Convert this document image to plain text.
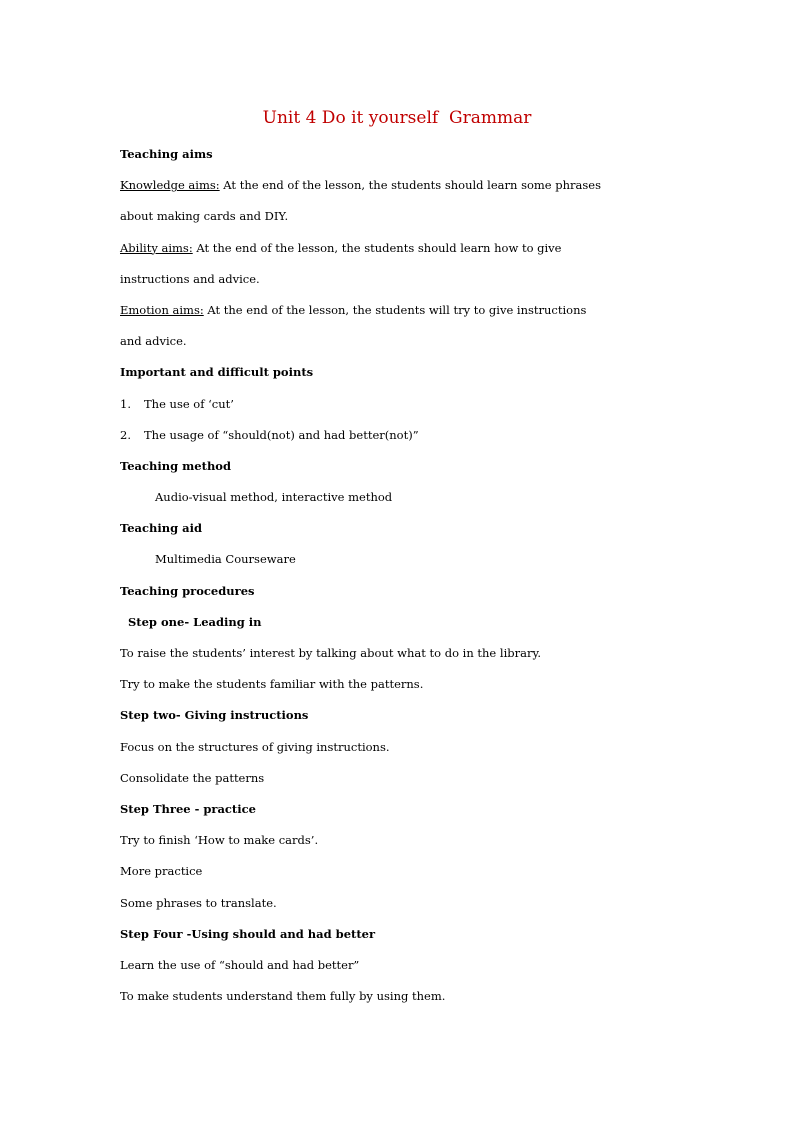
Unit 4 Do it yourself  Grammar
Teaching aims
Knowledge aims: At the end of the lesson, the students should learn some phrases
about making cards and DIY.
Ability aims: At the end of the lesson, the students should learn how to give
instructions and advice.
Emotion aims: At the end of the lesson, the students will try to give instructions
and advice.
Important and difficult points
1. The use of ‘cut’
2. The usage of “should(not) and had better(not)”
Teaching method
Audio-visual method, interactive method
Teaching aid
Multimedia Courseware
Teaching procedures
Step one- Leading in
To raise the students’ interest by talking about what to do in the library.
Try to make the students familiar with the patterns.
Step two- Giving instructions
Focus on the structures of giving instructions.
Consolidate the patterns
Step Three - practice
Try to finish ‘How to make cards’.
More practice
Some phrases to translate.
Step Four -Using should and had better
Learn the use of “should and had better”
To make students understand them fully by using them.
